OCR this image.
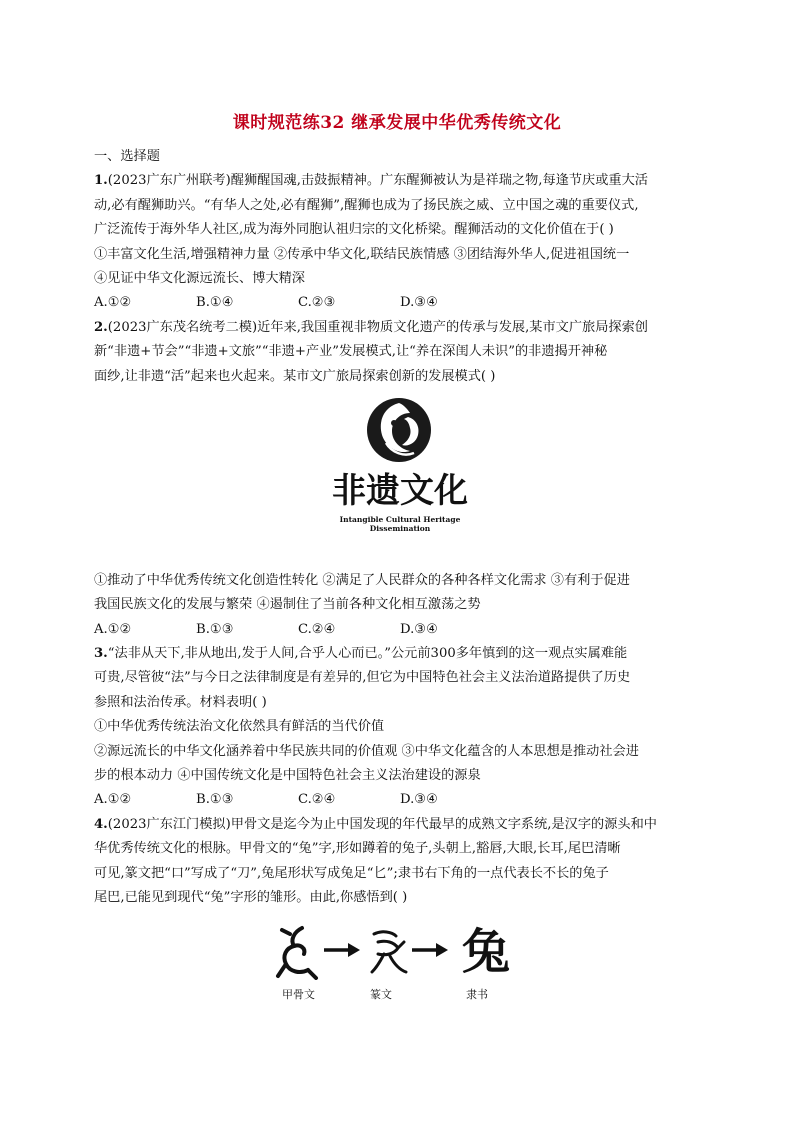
课时规范练32 继承发展中华优秀传统文化
一、选择题
1.(2023广东广州联考)醒狮醒国魂,击鼓振精神。广东醒狮被认为是祥瑞之物,每逢节庆或重大活
动,必有醒狮助兴。“有华人之处,必有醒狮”,醒狮也成为了扬民族之威、立中国之魂的重要仪式,
广泛流传于海外华人社区,成为海外同胞认祖归宗的文化桥梁。醒狮活动的文化价值在于( )
①丰富文化生活,增强精神力量 ②传承中华文化,联结民族情感 ③团结海外华人,促进祖国统一
④见证中华文化源远流长、博大精深
A.①②	B.①④	C.②③	D.③④
2.(2023广东茂名统考二模)近年来,我国重视非物质文化遗产的传承与发展,某市文广旅局探索创
新“非遗+节会”“非遗+文旅”“非遗+产业”发展模式,让“养在深闺人未识”的非遗揭开神秘
面纱,让非遗“活”起来也火起来。某市文广旅局探索创新的发展模式( )
非遗文化
Intangible Cultural Heritage
Dissemination
①推动了中华优秀传统文化创造性转化 ②满足了人民群众的各种各样文化需求 ③有利于促进
我国民族文化的发展与繁荣 ④遏制住了当前各种文化相互激荡之势
A.①②	B.①③	C.②④	D.③④
3.“法非从天下,非从地出,发于人间,合乎人心而已。”公元前300多年慎到的这一观点实属难能
可贵,尽管彼“法”与今日之法律制度是有差异的,但它为中国特色社会主义法治道路提供了历史
参照和法治传承。材料表明( )
①中华优秀传统法治文化依然具有鲜活的当代价值
②源远流长的中华文化涵养着中华民族共同的价值观 ③中华文化蕴含的人本思想是推动社会进
步的根本动力 ④中国传统文化是中国特色社会主义法治建设的源泉
A.①②	B.①③	C.②④	D.③④
4.(2023广东江门模拟)甲骨文是迄今为止中国发现的年代最早的成熟文字系统,是汉字的源头和中
华优秀传统文化的根脉。甲骨文的“兔”字,形如蹲着的兔子,头朝上,豁唇,大眼,长耳,尾巴清晰
可见,篆文把“口”写成了“刀”,兔尾形状写成兔足“匕”;隶书右下角的一点代表长不长的兔子
尾巴,已能见到现代“兔”字形的雏形。由此,你感悟到( )
兔
甲骨文	篆文	隶书
